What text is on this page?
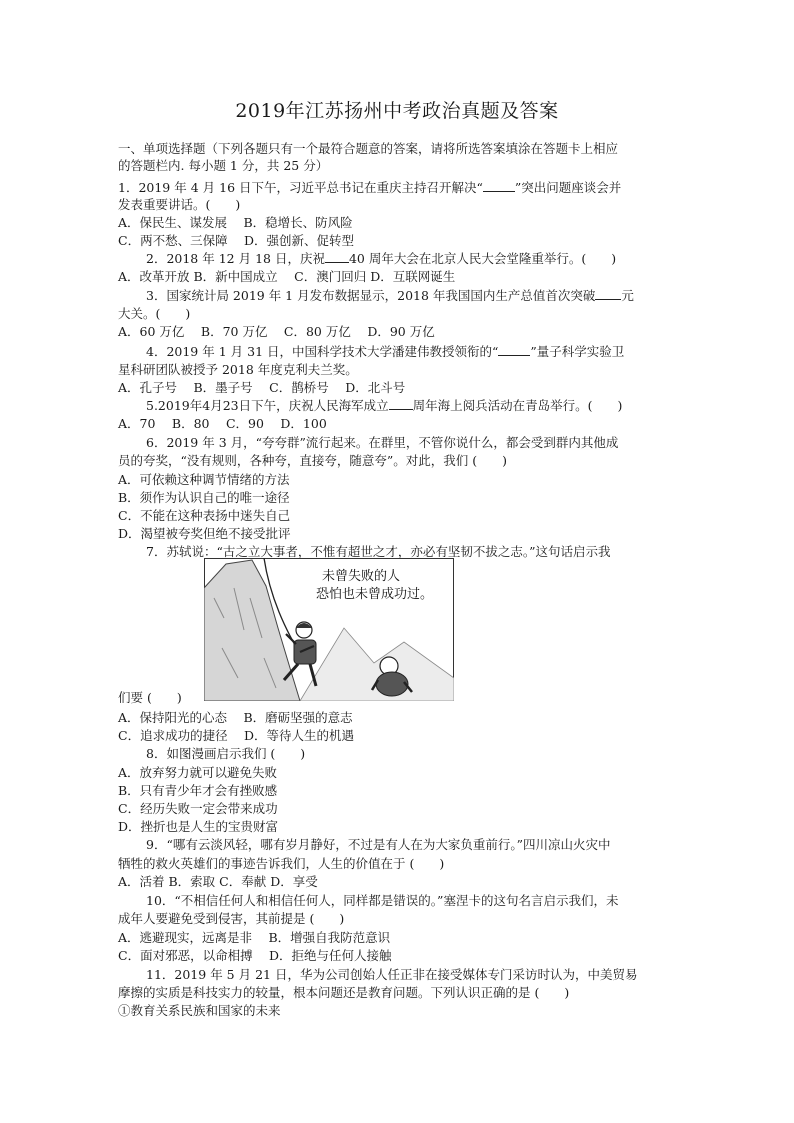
2019年江苏扬州中考政治真题及答案
一、单项选择题（下列各题只有一个最符合题意的答案，请将所选答案填涂在答题卡上相应
的答题栏内. 每小题 1 分，共 25 分）
1．2019 年 4 月 16 日下午，习近平总书记在重庆主持召开解决“	”突出问题座谈会并
发表重要讲话。(　　)
A．保民生、谋发展　 B．稳增长、防风险
C．两不愁、三保障　 D．强创新、促转型
2．2018 年 12 月 18 日，庆祝 40 周年大会在北京人民大会堂隆重举行。(　　)
A．改革开放 B．新中国成立　 C．澳门回归 D．互联网诞生
3．国家统计局 2019 年 1 月发布数据显示，2018 年我国国内生产总值首次突破 元
大关。(　　)
A．60 万亿　 B．70 万亿　 C．80 万亿　 D．90 万亿
4．2019 年 1 月 31 日，中国科学技术大学潘建伟教授领衔的“	”量子科学实验卫
星科研团队被授予 2018 年度克利夫兰奖。
A．孔子号　 B．墨子号　 C．鹊桥号　 D．北斗号
5.2019年4月23日下午，庆祝人民海军成立 周年海上阅兵活动在青岛举行。(　　)
A．70　 B．80　 C．90　 D．100
6．2019 年 3 月，“夸夸群”流行起来。在群里，不管你说什么，都会受到群内其他成
员的夸奖，“没有规则，各种夸，直接夸，随意夸”。对此，我们 (　　)
A．可依赖这种调节情绪的方法
B．须作为认识自己的唯一途径
C．不能在这种表扬中迷失自己
D．渴望被夸奖但绝不接受批评
7．苏轼说：“古之立大事者，不惟有超世之才，亦必有坚韧不拔之志。”这句话启示我
未曾失败的人
恐怕也未曾成功过。
们要 (　　)
A．保持阳光的心态　 B．磨砺坚强的意志
C．追求成功的捷径　 D．等待人生的机遇
8．如图漫画启示我们 (　　)
A．放弃努力就可以避免失败
B．只有青少年才会有挫败感
C．经历失败一定会带来成功
D．挫折也是人生的宝贵财富
9．“哪有云淡风轻，哪有岁月静好，不过是有人在为大家负重前行。”四川凉山火灾中
牺牲的救火英雄们的事迹告诉我们，人生的价值在于 (　　)
A．活着 B．索取 C．奉献 D．享受
10．“不相信任何人和相信任何人，同样都是错误的。”塞涅卡的这句名言启示我们，未
成年人要避免受到侵害，其前提是 (　　)
A．逃避现实，远离是非　 B．增强自我防范意识
C．面对邪恶，以命相搏　 D．拒绝与任何人接触
11．2019 年 5 月 21 日，华为公司创始人任正非在接受媒体专门采访时认为，中美贸易
摩擦的实质是科技实力的较量，根本问题还是教育问题。下列认识正确的是 (　　)
①教育关系民族和国家的未来
